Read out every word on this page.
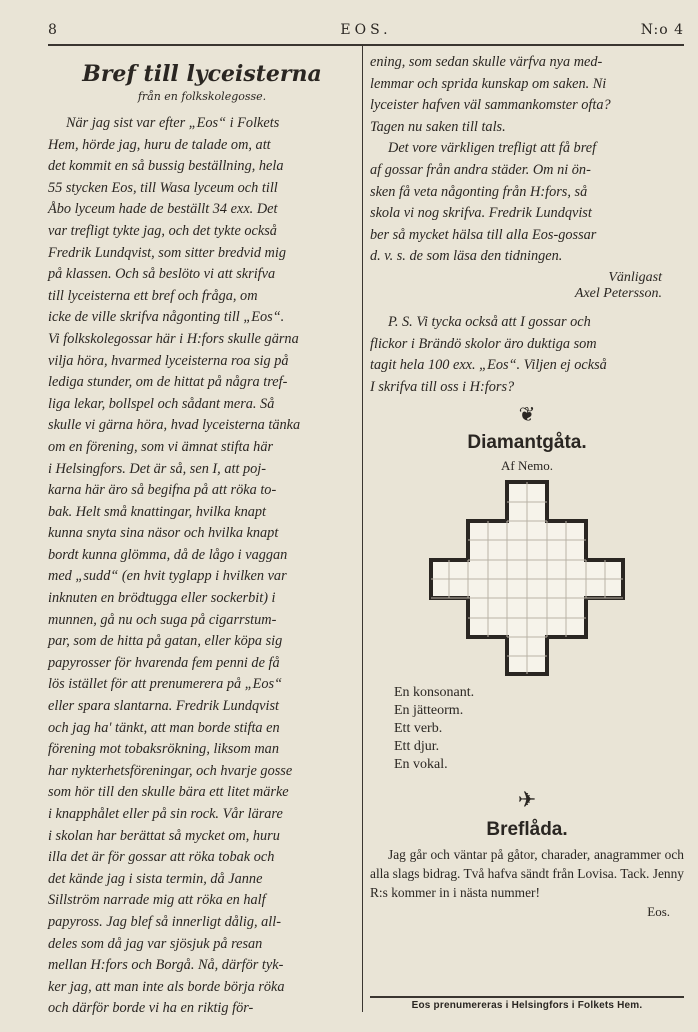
8	EOS.	N:o 4
Bref till lyceisterna
från en folkskolegosse.
När jag sist var efter „Eos“ i Folkets
Hem, hörde jag, huru de talade om, att
det kommit en så bussig beställning, hela
55 stycken Eos, till Wasa lyceum och till
Åbo lyceum hade de beställt 34 exx. Det
var trefligt tykte jag, och det tykte också
Fredrik Lundqvist, som sitter bredvid mig
på klassen. Och så beslöto vi att skrifva
till lyceisterna ett bref och fråga, om
icke de ville skrifva någonting till „Eos“.
Vi folkskolegossar här i H:fors skulle gärna
vilja höra, hvarmed lyceisterna roa sig på
lediga stunder, om de hittat på några tref-
liga lekar, bollspel och sådant mera. Så
skulle vi gärna höra, hvad lyceisterna tänka
om en förening, som vi ämnat stifta här
i Helsingfors. Det är så, sen I, att poj-
karna här äro så begifna på att röka to-
bak. Helt små knattingar, hvilka knapt
kunna snyta sina näsor och hvilka knapt
bordt kunna glömma, då de lågo i vaggan
med „sudd“ (en hvit tyglapp i hvilken var
inknuten en brödtugga eller sockerbit) i
munnen, gå nu och suga på cigarrstum-
par, som de hitta på gatan, eller köpa sig
papyrosser för hvarenda fem penni de få
lös istället för att prenumerera på „Eos“
eller spara slantarna. Fredrik Lundqvist
och jag ha' tänkt, att man borde stifta en
förening mot tobaksrökning, liksom man
har nykterhetsföreningar, och hvarje gosse
som hör till den skulle bära ett litet märke
i knapphålet eller på sin rock. Vår lärare
i skolan har berättat så mycket om, huru
illa det är för gossar att röka tobak och
det kände jag i sista termin, då Janne
Sillström narrade mig att röka en half
papyross. Jag blef så innerligt dålig, all-
deles som då jag var sjösjuk på resan
mellan H:fors och Borgå. Nå, därför tyk-
ker jag, att man inte als borde börja röka
och därför borde vi ha en riktig för-
ening, som sedan skulle värfva nya med-
lemmar och sprida kunskap om saken. Ni
lyceister hafven väl sammankomster ofta?
Tagen nu saken till tals.
Det vore värkligen trefligt att få bref
af gossar från andra städer. Om ni ön-
sken få veta någonting från H:fors, så
skola vi nog skrifva. Fredrik Lundqvist
ber så mycket hälsa till alla Eos-gossar
d. v. s. de som läsa den tidningen.
Vänligast
Axel Petersson.
P. S. Vi tycka också att I gossar och
flickor i Brändö skolor äro duktiga som
tagit hela 100 exx. „Eos“. Viljen ej också
I skrifva till oss i H:fors?
❦
Diamantgåta.
Af Nemo.
En konsonant.
En jätteorm.
Ett verb.
Ett djur.
En vokal.
✈
Breflåda.

Jag går och väntar på gåtor, charader, anagrammer och alla slags bidrag. Två hafva sändt från Lovisa. Tack. Jenny R:s kommer in i nästa nummer!

Eos.
Eos prenumereras i Helsingfors i Folkets Hem.
